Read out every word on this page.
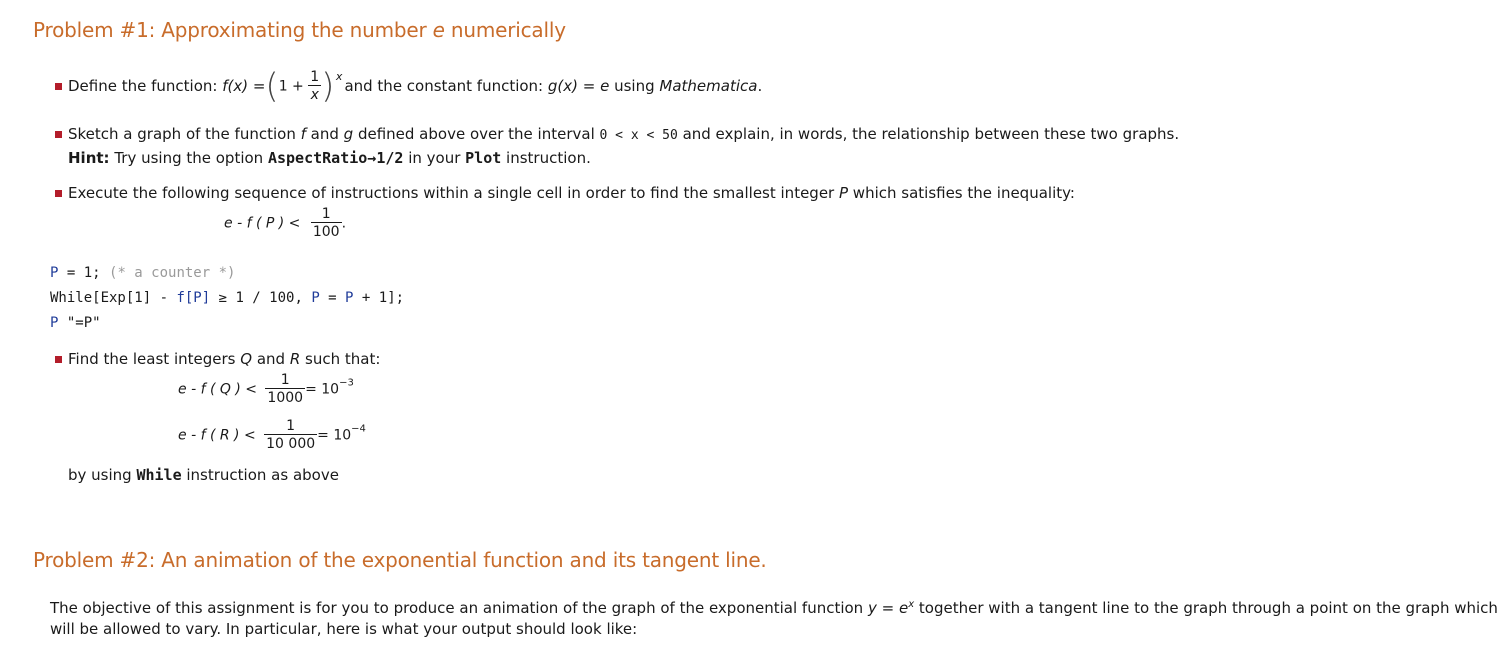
Problem #1: Approximating the number e numerically
Define the function: $f(x) =(1 + \frac{1}{x}$ ) x
and the constant function: g(x) = e using Mathematica.
Sketch a graph of the function f and g defined above over the interval 0 < x < 50 and explain, in words, the relationship between these two graphs.
Hint: Try using the option AspectRatio→1/2 in your Plot instruction.
Execute the following sequence of instructions within a single cell in order to find the smallest integer P which satisfies the inequality:
e - f ( P ) < $\frac{1}{100}$ .
P = 1; (* a counter *)
While[Exp[1] - f[P] ≥ 1 / 100, P = P + 1];
P "=P"
Find the least integers Q and R such that:
e - f ( Q ) < $\frac{1}{1000} = 10^{-3}$
e - f ( R ) < $\frac{1}{10 000} = 10^{-4}$
by using While instruction as above
Problem #2: An animation of the exponential function and its tangent line.
The objective of this assignment is for you to produce an animation of the graph of the exponential function $y = e^x$ together with a tangent line to the graph through a point on the graph which
will be allowed to vary. In particular, here is what your output should look like:
